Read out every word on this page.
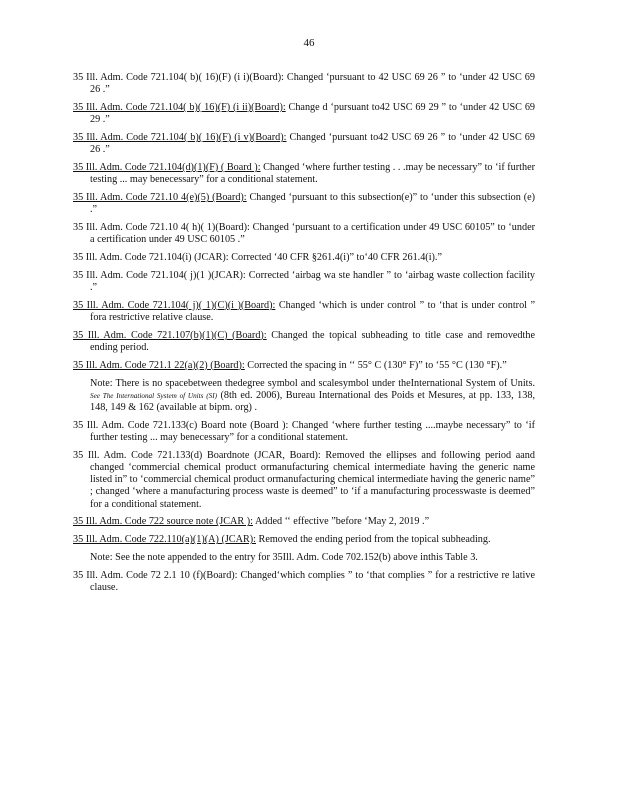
46
35 Ill. Adm. Code 721.104( b)( 16)(F) (i i)(Board): Changed ‘pursuant to 42 USC 69 26 ” to ‘under 42 USC 69 26 .”
35 Ill. Adm. Code 721.104( b)( 16)(F) (i ii)(Board): Change d ‘pursuant to42 USC 69 29 ” to ‘under 42 USC 69 29 .”
35 Ill. Adm. Code 721.104( b)( 16)(F) (i v)(Board): Changed ‘pursuant to42 USC 69 26 ” to ‘under 42 USC 69 26 .”
35 Ill. Adm. Code 721.104(d)(1)(F) ( Board ): Changed ‘where further testing . . .may be necessary” to ‘if further testing ... may benecessary” for a conditional statement.
35 Ill. Adm. Code 721.10 4(e)(5) (Board): Changed ‘pursuant to this subsection(e)” to ‘under this subsection (e) .”
35 Ill. Adm. Code 721.10 4( h)( 1)(Board): Changed ‘pursuant to a certification under 49 USC 60105” to ‘under a certification under 49 USC 60105 .”
35 Ill. Adm. Code 721.104(i) (JCAR): Corrected ‘40 CFR §261.4(i)” to‘40 CFR 261.4(i).”
35 Ill. Adm. Code 721.104( j)(1 )(JCAR): Corrected ‘airbag wa ste handler ” to ‘airbag waste collection facility .”
35 Ill. Adm. Code 721.104( j)( 1)(C)(i )(Board): Changed ‘which is under control ” to ‘that is under control ” fora restrictive relative clause.
35 Ill. Adm. Code 721.107(b)(1)(C) (Board): Changed the topical subheading to title case and removedthe ending period.
35 Ill. Adm. Code 721.1 22(a)(2) (Board): Corrected the spacing in ‘‘ 55° C (130° F)” to ‘55 °C (130 °F).”
Note: There is no spacebetween thedegree symbol and scalesymbol under theInternational System of Units. See The International System of Units (SI) (8th ed. 2006), Bureau International des Poids et Mesures, at pp. 133, 138, 148, 149 & 162 (available at bipm. org) .
35 Ill. Adm. Code 721.133(c) Board note (Board ): Changed ‘where further testing ....maybe necessary” to ‘if further testing ... may benecessary” for a conditional statement.
35 Ill. Adm. Code 721.133(d) Boardnote (JCAR, Board): Removed the ellipses and following period aand changed ‘commercial chemical product ormanufacturing chemical intermediate having the generic name listed in” to ‘commercial chemical product ormanufacturing chemical intermediate having the generic name” ; changed ‘where a manufacturing process waste is deemed” to ‘if a manufacturing processwaste is deemed” for a conditional statement.
35 Ill. Adm. Code 722 source note (JCAR ): Added ‘‘ effective ”before ‘May 2, 2019 .”
35 Ill. Adm. Code 722.110(a)(1)(A) (JCAR): Removed the ending period from the topical subheading.
Note: See the note appended to the entry for 35Ill. Adm. Code 702.152(b) above inthis Table 3.
35 Ill. Adm. Code 72 2.1 10 (f)(Board): Changed‘which complies ” to ‘that complies ” for a restrictive re lative clause.
